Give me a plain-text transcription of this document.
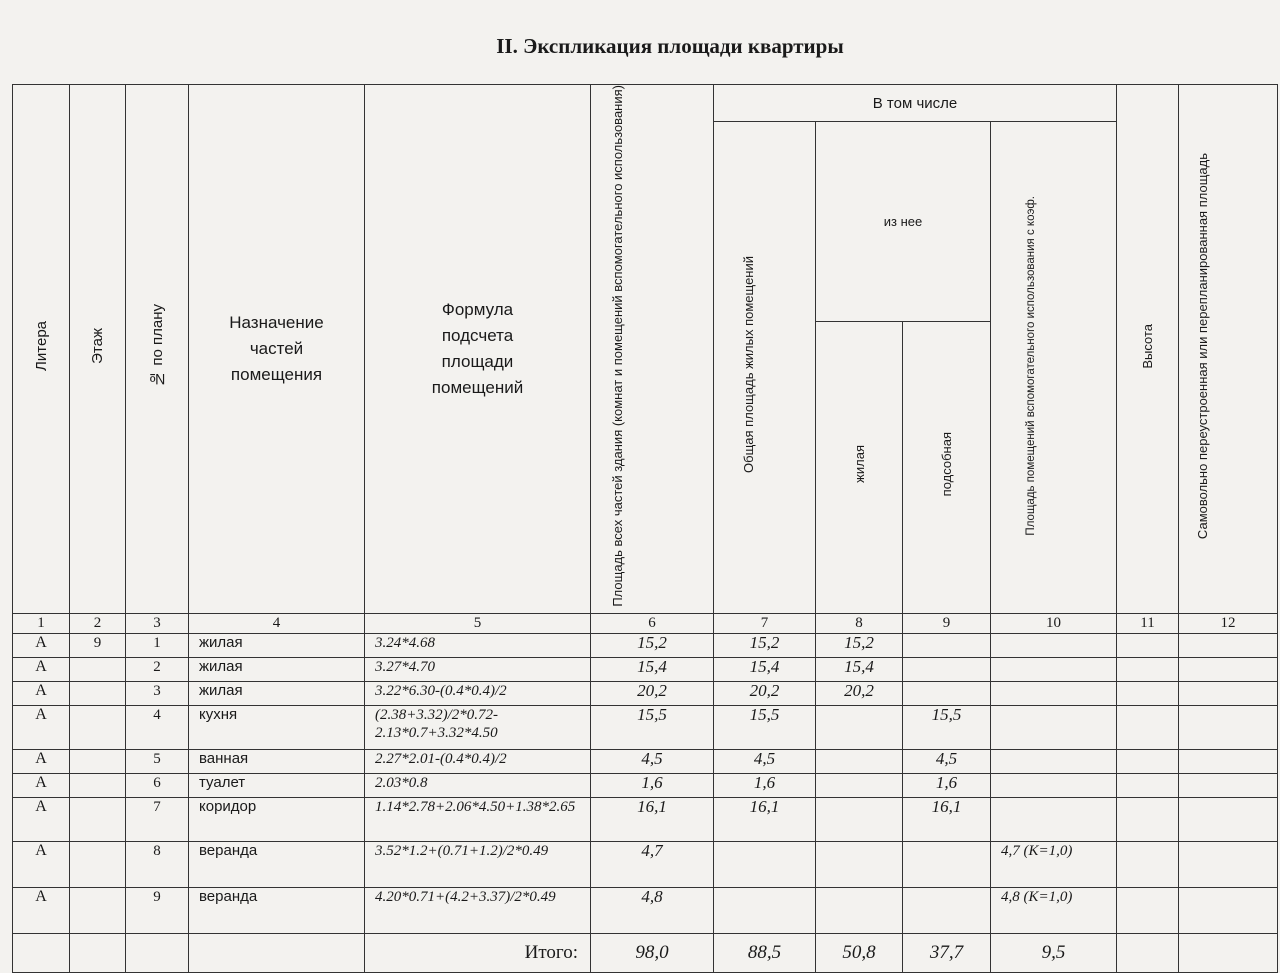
II. Экспликация площади квартиры
Литера	Этаж	№ по плану	Назначение частей помещения	Формула подсчета площади помещений	Площадь всех частей здания (комнат и помещений вспомогательного использования)	В том числе				Высота	Самовольно переустроенная или перепланированная площадь
						Общая площадь жилых помещений	из нее		Площадь помещений вспомогательного использования с коэф.		
							жилая	подсобная			
1	2	3	4	5	6	7	8	9	10	11	12
А	9	1	жилая	3.24*4.68	15,2	15,2	15,2				
А		2	жилая	3.27*4.70	15,4	15,4	15,4				
А		3	жилая	3.22*6.30-(0.4*0.4)/2	20,2	20,2	20,2				
А		4	кухня	(2.38+3.32)/2*0.72-2.13*0.7+3.32*4.50	15,5	15,5		15,5			
А		5	ванная	2.27*2.01-(0.4*0.4)/2	4,5	4,5		4,5			
А		6	туалет	2.03*0.8	1,6	1,6		1,6			
А		7	коридор	1.14*2.78+2.06*4.50+1.38*2.65	16,1	16,1		16,1			
А		8	веранда	3.52*1.2+(0.71+1.2)/2*0.49	4,7				4,7 (К=1,0)		
А		9	веранда	4.20*0.71+(4.2+3.37)/2*0.49	4,8				4,8 (К=1,0)		
				Итого:	98,0	88,5	50,8	37,7	9,5		
